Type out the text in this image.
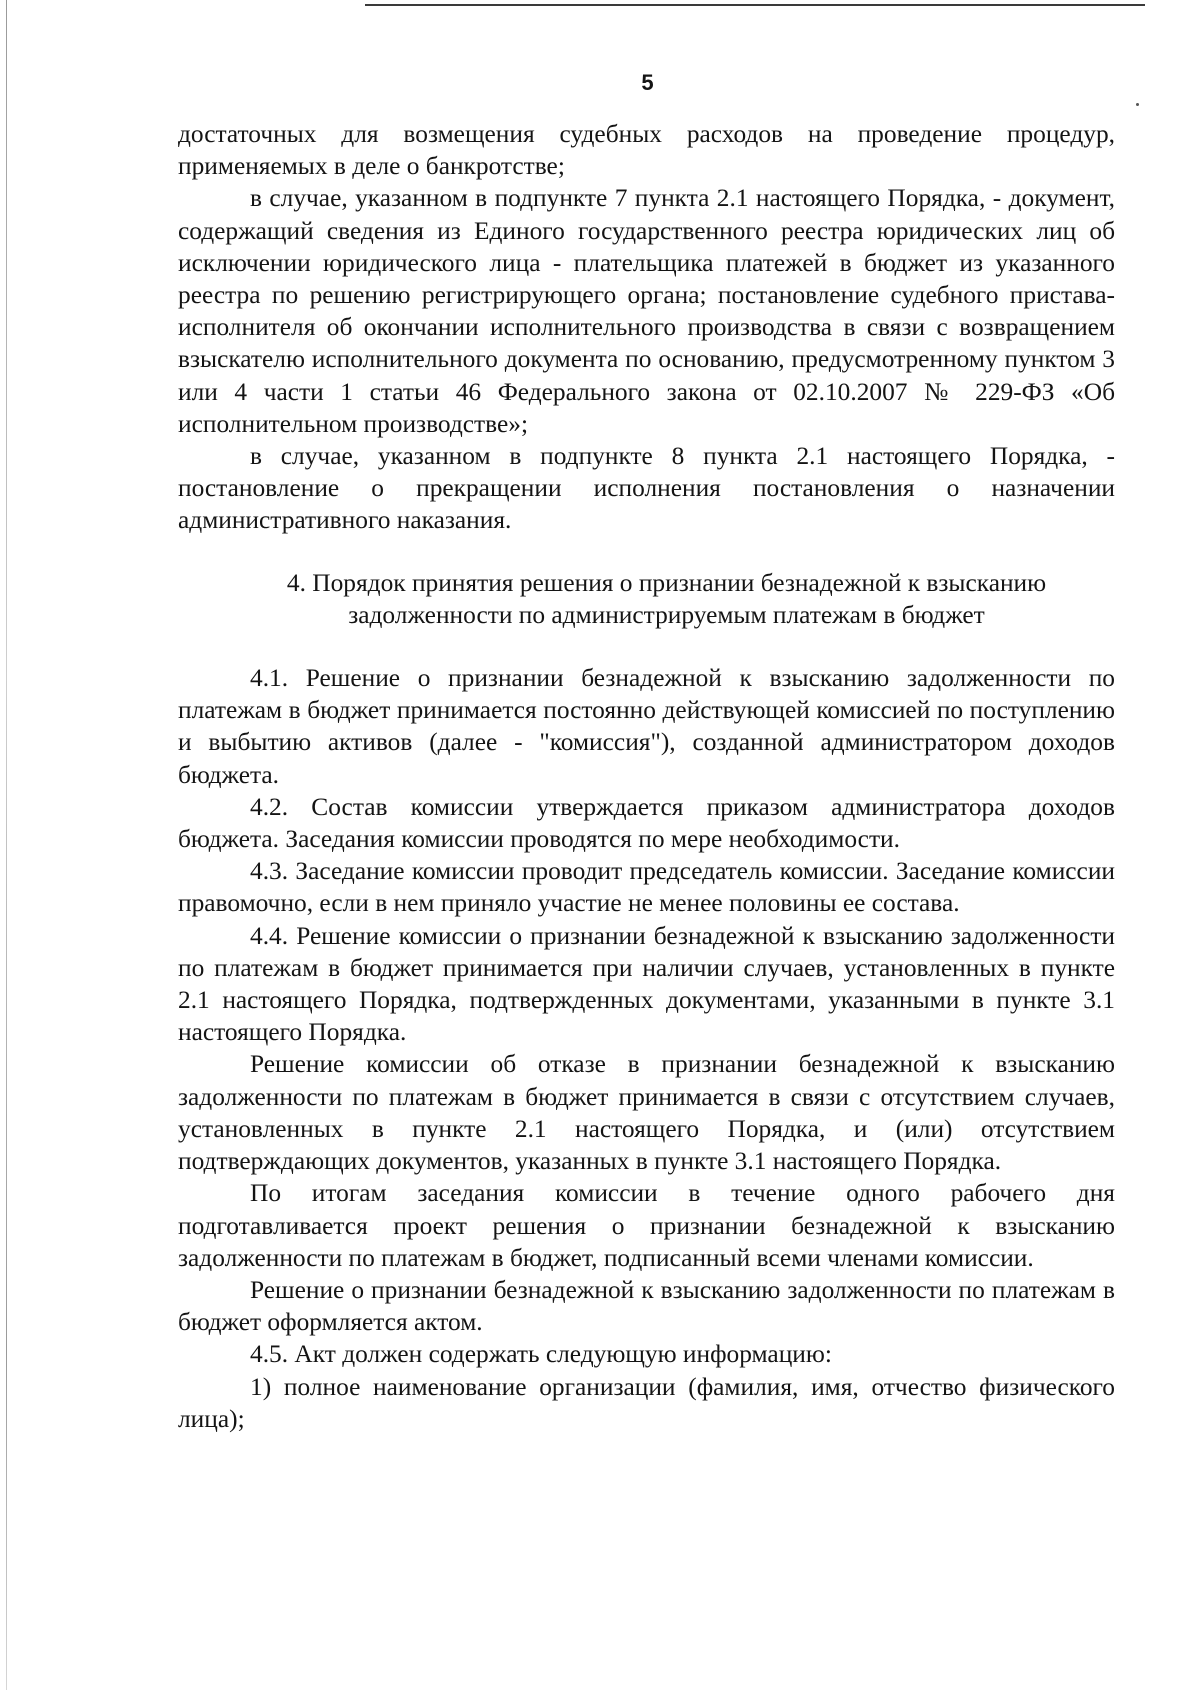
5

достаточных для возмещения судебных расходов на проведение процедур, применяемых в деле о банкротстве;

в случае, указанном в подпункте 7 пункта 2.1 настоящего Порядка, - документ, содержащий сведения из Единого государственного реестра юридических лиц об исключении юридического лица - плательщика платежей в бюджет из указанного реестра по решению регистрирующего органа; постановление судебного пристава-исполнителя об окончании исполнительного производства в связи с возвращением взыскателю исполнительного документа по основанию, предусмотренному пунктом 3 или 4 части 1 статьи 46 Федерального закона от 02.10.2007 № 229-ФЗ «Об исполнительном производстве»;

в случае, указанном в подпункте 8 пункта 2.1 настоящего Порядка, - постановление о прекращении исполнения постановления о назначении административного наказания.

4. Порядок принятия решения о признании безнадежной к взысканию
задолженности по администрируемым платежам в бюджет

4.1. Решение о признании безнадежной к взысканию задолженности по платежам в бюджет принимается постоянно действующей комиссией по поступлению и выбытию активов (далее - "комиссия"), созданной администратором доходов бюджета.

4.2. Состав комиссии утверждается приказом администратора доходов бюджета. Заседания комиссии проводятся по мере необходимости.

4.3. Заседание комиссии проводит председатель комиссии. Заседание комиссии правомочно, если в нем приняло участие не менее половины ее состава.

4.4. Решение комиссии о признании безнадежной к взысканию задолженности по платежам в бюджет принимается при наличии случаев, установленных в пункте 2.1 настоящего Порядка, подтвержденных документами, указанными в пункте 3.1 настоящего Порядка.

Решение комиссии об отказе в признании безнадежной к взысканию задолженности по платежам в бюджет принимается в связи с отсутствием случаев, установленных в пункте 2.1 настоящего Порядка, и (или) отсутствием подтверждающих документов, указанных в пункте 3.1 настоящего Порядка.

По итогам заседания комиссии в течение одного рабочего дня подготавливается проект решения о признании безнадежной к взысканию задолженности по платежам в бюджет, подписанный всеми членами комиссии.

Решение о признании безнадежной к взысканию задолженности по платежам в бюджет оформляется актом.

4.5. Акт должен содержать следующую информацию:

1) полное наименование организации (фамилия, имя, отчество физического лица);
